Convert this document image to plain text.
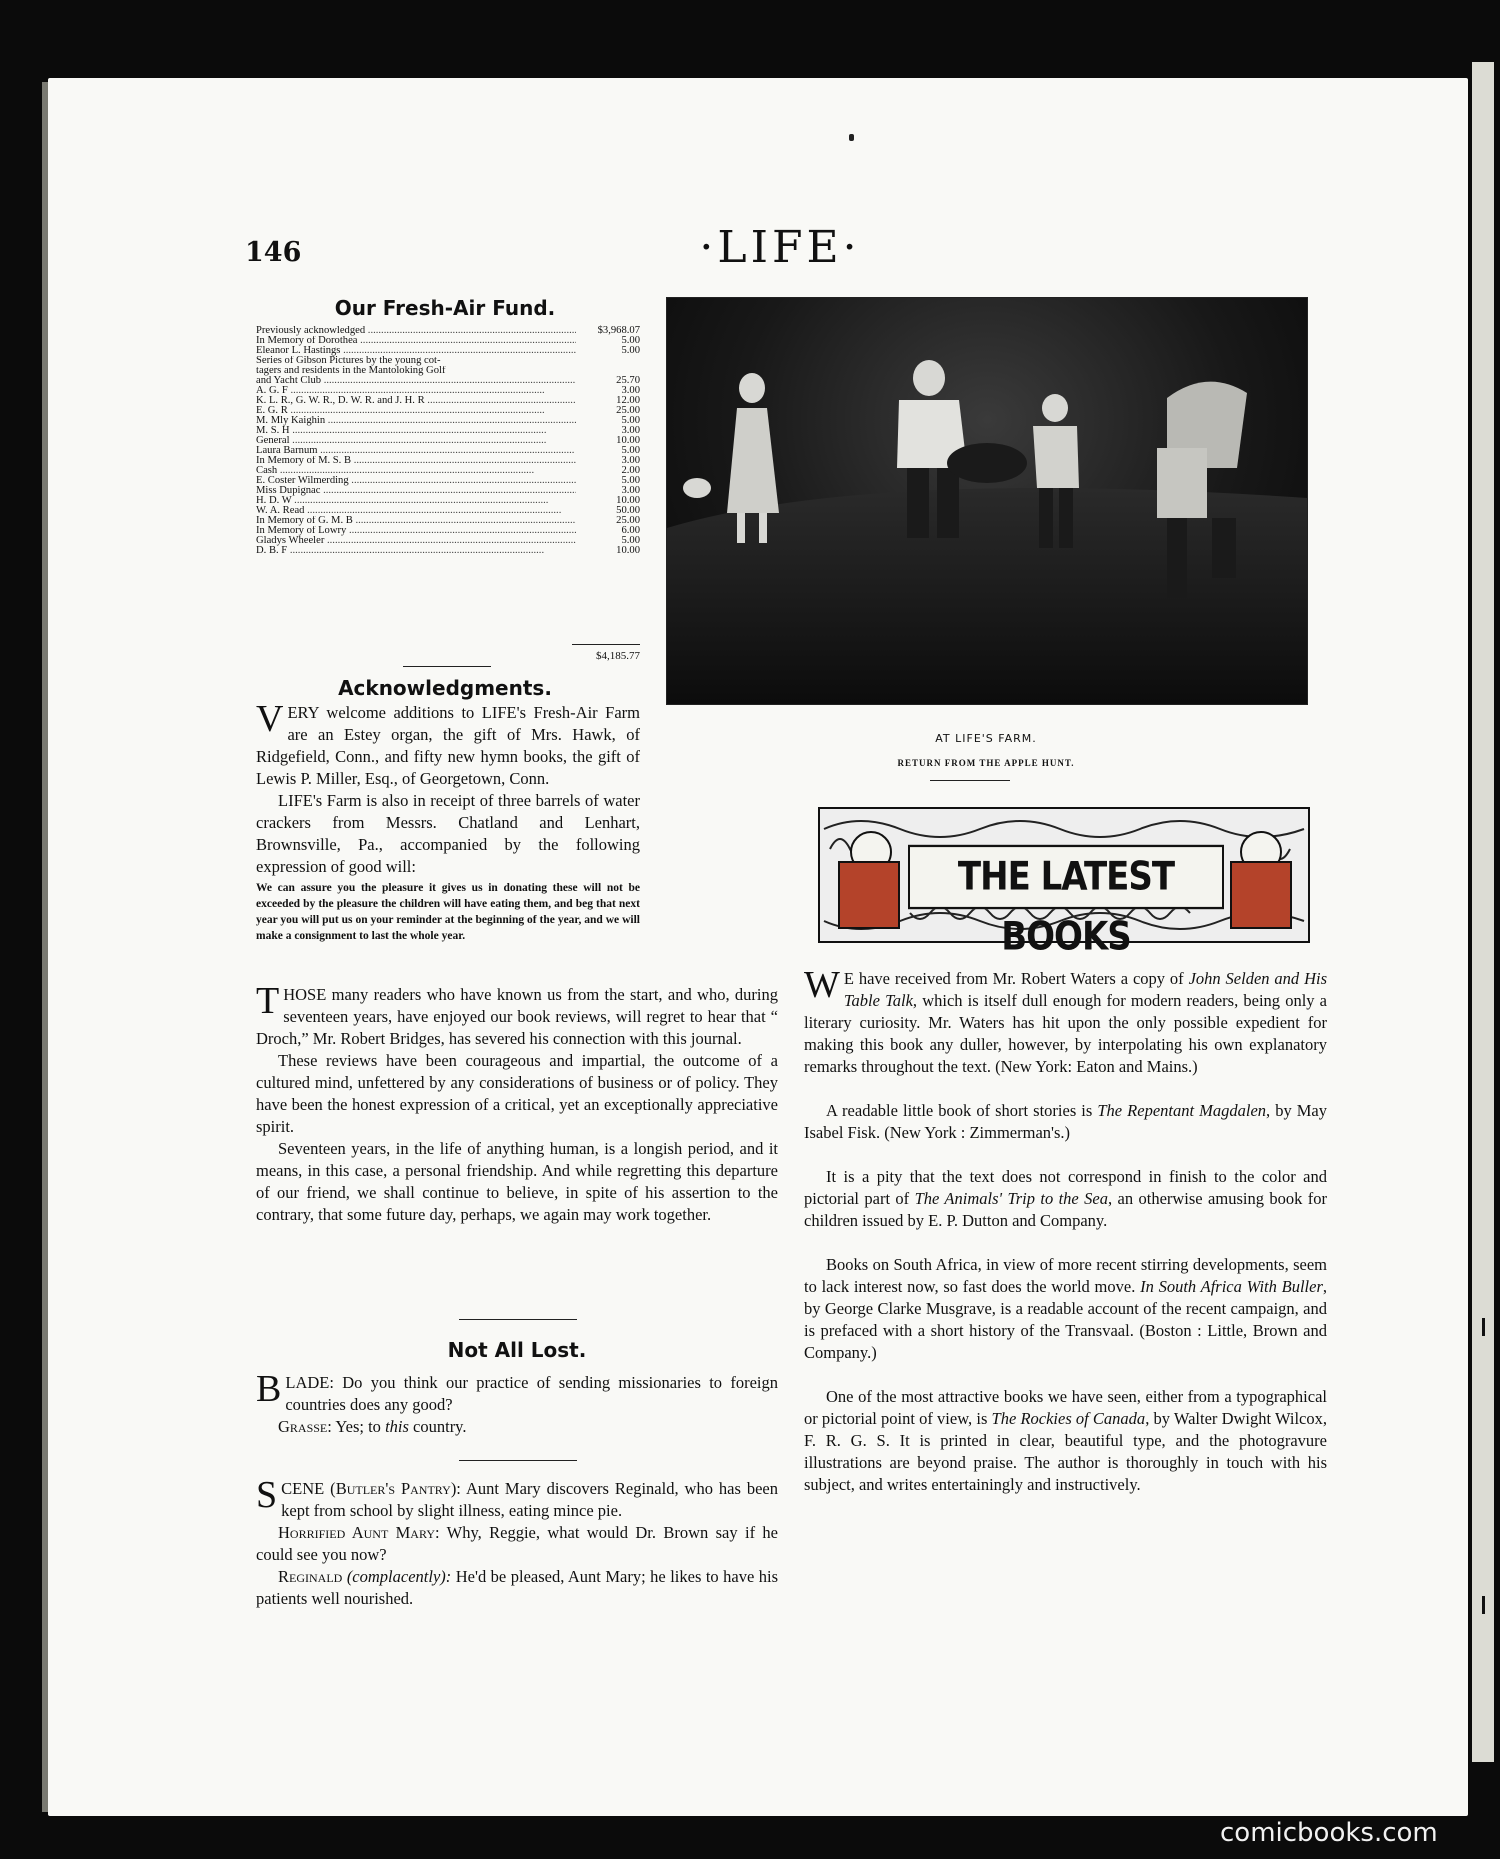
146	·LIFE·
Our Fresh-Air Fund.
Previously acknowledged .....	$3,968.07
In Memory of Dorothea .....	5.00
Eleanor L. Hastings .....	5.00
Series of Gibson Pictures by the young cot-
tagers and residents in the Mantoloking Golf
and Yacht Club .....	25.70
A. G. F .....	3.00
K. L. R., G. W. R., D. W. R. and J. H. R .....	12.00
E. G. R .....	25.00
M. Mly Kaighin .....	5.00
M. S. H .....	3.00
General .....	10.00
Laura Barnum .....	5.00
In Memory of M. S. B .....	3.00
Cash .....	2.00
E. Coster Wilmerding .....	5.00
Miss Dupignac .....	3.00
H. D. W .....	10.00
W. A. Read .....	50.00
In Memory of G. M. B .....	25.00
In Memory of Lowry .....	6.00
Gladys Wheeler .....	5.00
D. B. F .....	10.00
$4,185.77
Acknowledgments.

VERY welcome additions to LIFE's Fresh-Air Farm are an Estey organ, the gift of Mrs. Hawk, of Ridgefield, Conn., and fifty new hymn books, the gift of Lewis P. Miller, Esq., of Georgetown, Conn.

LIFE's Farm is also in receipt of three barrels of water crackers from Messrs. Chatland and Lenhart, Brownsville, Pa., accompanied by the following expression of good will:

We can assure you the pleasure it gives us in donating these will not be exceeded by the pleasure the children will have eating them, and beg that next year you will put us on your reminder at the beginning of the year, and we will make a consignment to last the whole year.

THOSE many readers who have known us from the start, and who, during seventeen years, have enjoyed our book reviews, will regret to hear that “ Droch,” Mr. Robert Bridges, has severed his connection with this journal.

These reviews have been courageous and impartial, the outcome of a cultured mind, unfettered by any considerations of business or of policy. They have been the honest expression of a critical, yet an exceptionally appreciative spirit.

Seventeen years, in the life of anything human, is a longish period, and it means, in this case, a personal friendship. And while regretting this departure of our friend, we shall continue to believe, in spite of his assertion to the contrary, that some future day, perhaps, we again may work together.

Not All Lost.

BLADE: Do you think our practice of sending missionaries to foreign countries does any good?

Grasse: Yes; to this country.

SCENE (Butler's Pantry): Aunt Mary discovers Reginald, who has been kept from school by slight illness, eating mince pie.

Horrified Aunt Mary: Why, Reggie, what would Dr. Brown say if he could see you now?

Reginald (complacently): He'd be pleased, Aunt Mary; he likes to have his patients well nourished.

AT LIFE'S FARM.
RETURN FROM THE APPLE HUNT.
THE LATEST BOOKS

W E have received from Mr. Robert Waters a copy of John Selden and His Table Talk, which is itself dull enough for modern readers, being only a literary curiosity. Mr. Waters has hit upon the only possible expedient for making this book any duller, however, by interpolating his own explanatory remarks throughout the text. (New York: Eaton and Mains.)

A readable little book of short stories is The Repentant Magdalen, by May Isabel Fisk. (New York : Zimmerman's.)

It is a pity that the text does not correspond in finish to the color and pictorial part of The Animals' Trip to the Sea, an otherwise amusing book for children issued by E. P. Dutton and Company.

Books on South Africa, in view of more recent stirring developments, seem to lack interest now, so fast does the world move. In South Africa With Buller, by George Clarke Musgrave, is a readable account of the recent campaign, and is prefaced with a short history of the Transvaal. (Boston : Little, Brown and Company.)

One of the most attractive books we have seen, either from a typographical or pictorial point of view, is The Rockies of Canada, by Walter Dwight Wilcox, F. R. G. S. It is printed in clear, beautiful type, and the photogravure illustrations are beyond praise. The author is thoroughly in touch with his subject, and writes entertainingly and instructively.

comicbooks.com
